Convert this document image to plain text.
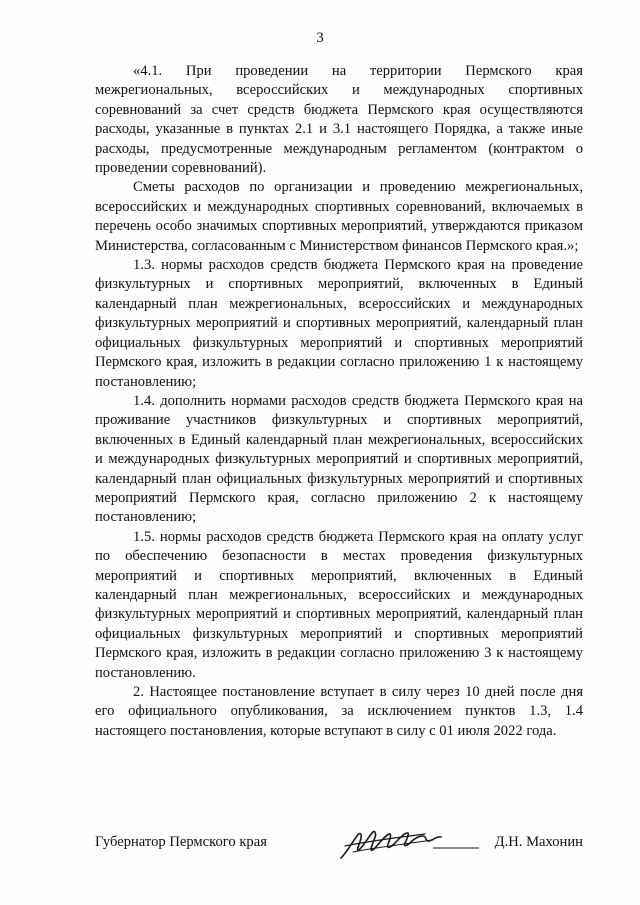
3

«4.1. При проведении на территории Пермского края межрегиональных, всероссийских и международных спортивных соревнований за счет средств бюджета Пермского края осуществляются расходы, указанные в пунктах 2.1 и 3.1 настоящего Порядка, а также иные расходы, предусмотренные международным регламентом (контрактом о проведении соревнований).

Сметы расходов по организации и проведению межрегиональных, всероссийских и международных спортивных соревнований, включаемых в перечень особо значимых спортивных мероприятий, утверждаются приказом Министерства, согласованным с Министерством финансов Пермского края.»;

1.3. нормы расходов средств бюджета Пермского края на проведение физкультурных и спортивных мероприятий, включенных в Единый календарный план межрегиональных, всероссийских и международных физкультурных мероприятий и спортивных мероприятий, календарный план официальных физкультурных мероприятий и спортивных мероприятий Пермского края, изложить в редакции согласно приложению 1 к настоящему постановлению;

1.4. дополнить нормами расходов средств бюджета Пермского края на проживание участников физкультурных и спортивных мероприятий, включенных в Единый календарный план межрегиональных, всероссийских и международных физкультурных мероприятий и спортивных мероприятий, календарный план официальных физкультурных мероприятий и спортивных мероприятий Пермского края, согласно приложению 2 к настоящему постановлению;

1.5. нормы расходов средств бюджета Пермского края на оплату услуг по обеспечению безопасности в местах проведения физкультурных мероприятий и спортивных мероприятий, включенных в Единый календарный план межрегиональных, всероссийских и международных физкультурных мероприятий и спортивных мероприятий, календарный план официальных физкультурных мероприятий и спортивных мероприятий Пермского края, изложить в редакции согласно приложению 3 к настоящему постановлению.

2. Настоящее постановление вступает в силу через 10 дней после дня его официального опубликования, за исключением пунктов 1.3, 1.4 настоящего постановления, которые вступают в силу с 01 июля 2022 года.

Губернатор Пермского края	Д.Н. Махонин
